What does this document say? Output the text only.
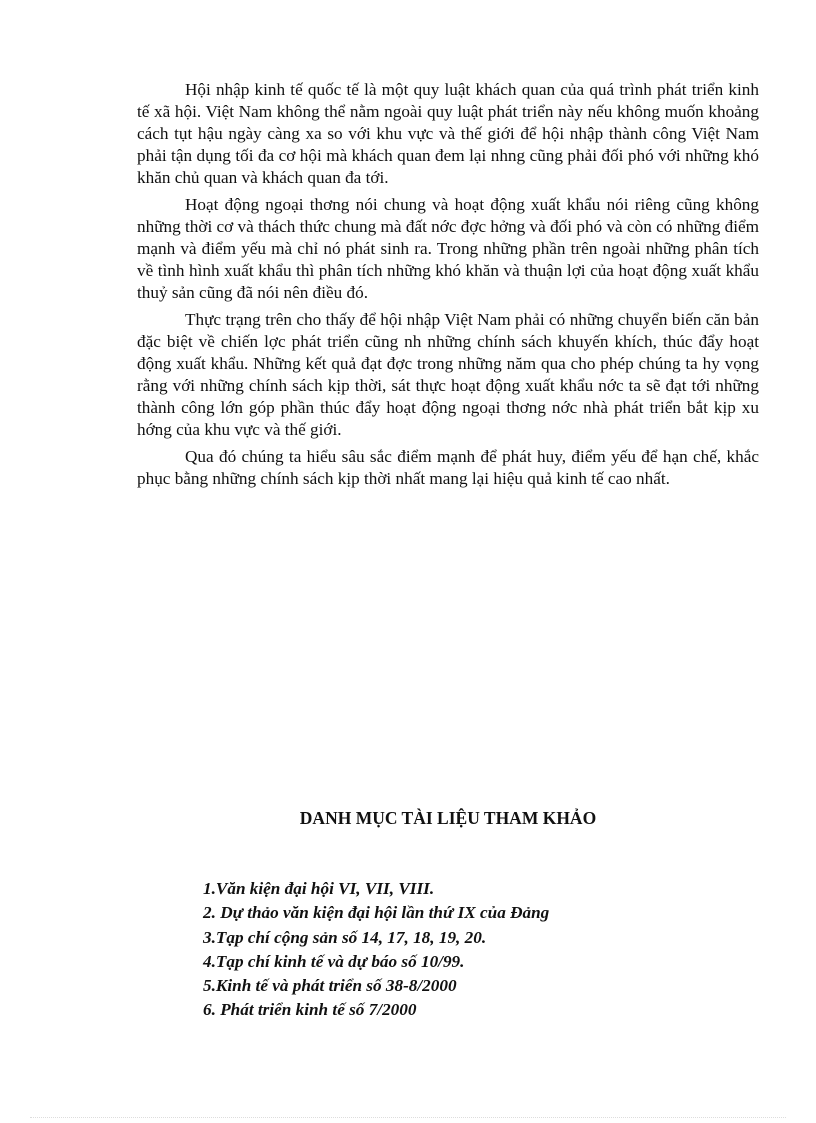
Hội nhập kinh tế quốc tế là một quy luật khách quan của quá trình phát triển kinh tế xã hội. Việt Nam không thể nằm ngoài quy luật phát triển này nếu không muốn khoảng cách tụt hậu ngày càng xa so với khu vực và thế giới để hội nhập thành công Việt Nam phải tận dụng tối đa cơ hội mà khách quan đem lại nhng cũng phải đối phó với những khó khăn chủ quan và khách quan đa tới.

Hoạt động ngoại thơng nói chung và hoạt động xuất khẩu nói riêng cũng không những thời cơ và thách thức chung mà đất nớc đợc hởng và đối phó và còn có những điểm mạnh và điểm yếu mà chỉ nó phát sinh ra. Trong những phần trên ngoài những phân tích về tình hình xuất khẩu thì phân tích những khó khăn và thuận lợi của hoạt động xuất khẩu thuỷ sản cũng đã nói nên điều đó.

Thực trạng trên cho thấy để hội nhập Việt Nam phải có những chuyển biến căn bản đặc biệt về chiến lợc phát triển cũng nh những chính sách khuyến khích, thúc đẩy hoạt động xuất khẩu. Những kết quả đạt đợc trong những năm qua cho phép chúng ta hy vọng rằng với những chính sách kịp thời, sát thực hoạt động xuất khẩu nớc ta sẽ đạt tới những thành công lớn góp phần thúc đẩy hoạt động ngoại thơng nớc nhà phát triển bắt kịp xu hớng của khu vực và thế giới.

Qua đó chúng ta hiểu sâu sắc điểm mạnh để phát huy, điểm yếu để hạn chế, khắc phục bằng những chính sách kịp thời nhất mang lại hiệu quả kinh tế cao nhất.

DANH MỤC TÀI LIỆU THAM KHẢO
1.Văn kiện đại hội VI, VII, VIII.
2. Dự thảo văn kiện đại hội lần thứ IX của Đảng
3.Tạp chí cộng sản số 14, 17, 18, 19, 20.
4.Tạp chí kinh tế và dự báo số 10/99.
5.Kinh tế và phát triển số 38-8/2000
6. Phát triển kinh tế số 7/2000
